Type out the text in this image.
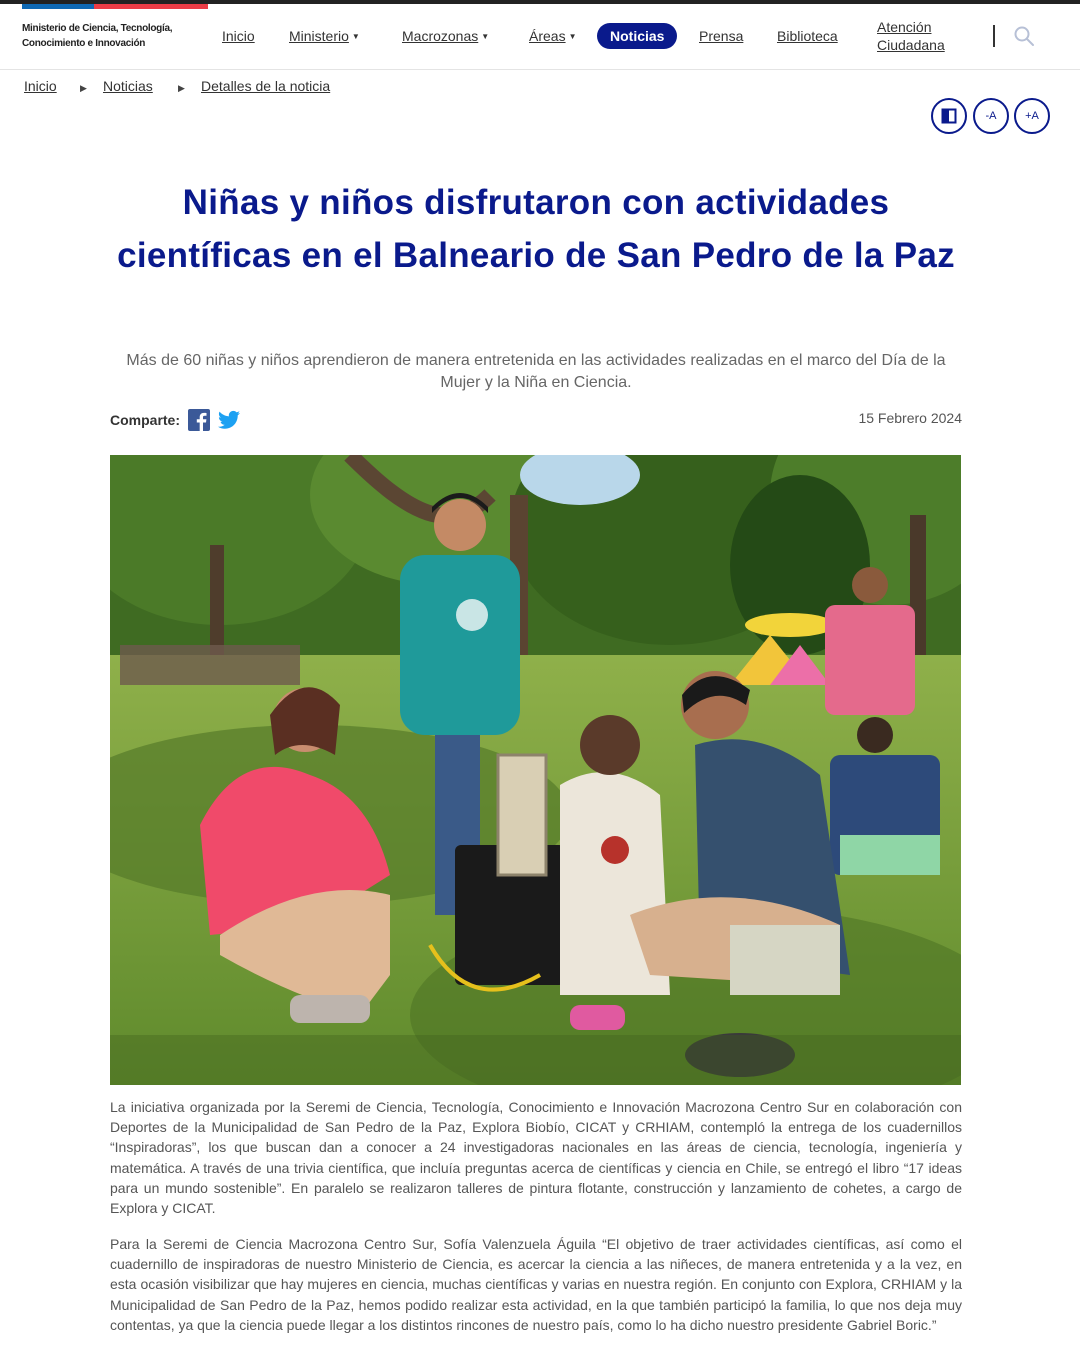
Ministerio de Ciencia, Tecnología,
Conocimiento e Innovación	Inicio Ministerio ▼	Macrozonas ▼	Áreas ▼	Noticias	Prensa Biblioteca
Atención
Ciudadana
Inicio	▶ Noticias	▶ Detalles de la noticia
-A	+A
Niñas y niños disfrutaron con actividades científicas en el Balneario de San Pedro de la Paz

Más de 60 niñas y niños aprendieron de manera entretenida en las actividades realizadas en el marco del Día de la Mujer y la Niña en Ciencia.

Comparte:	15 Febrero 2024

La iniciativa organizada por la Seremi de Ciencia, Tecnología, Conocimiento e Innovación Macrozona Centro Sur en colaboración con Deportes de la Municipalidad de San Pedro de la Paz, Explora Biobío, CICAT y CRHIAM, contempló la entrega de los cuadernillos “Inspiradoras”, los que buscan dan a conocer a 24 investigadoras nacionales en las áreas de ciencia, tecnología, ingeniería y matemática. A través de una trivia científica, que incluía preguntas acerca de científicas y ciencia en Chile, se entregó el libro “17 ideas para un mundo sostenible”. En paralelo se realizaron talleres de pintura flotante, construcción y lanzamiento de cohetes, a cargo de Explora y CICAT.

Para la Seremi de Ciencia Macrozona Centro Sur, Sofía Valenzuela Águila “El objetivo de traer actividades científicas, así como el cuadernillo de inspiradoras de nuestro Ministerio de Ciencia, es acercar la ciencia a las niñeces, de manera entretenida y a la vez, en esta ocasión visibilizar que hay mujeres en ciencia, muchas científicas y varias en nuestra región. En conjunto con Explora, CRHIAM y la Municipalidad de San Pedro de la Paz, hemos podido realizar esta actividad, en la que también participó la familia, lo que nos deja muy contentas, ya que la ciencia puede llegar a los distintos rincones de nuestro país, como lo ha dicho nuestro presidente Gabriel Boric.”
